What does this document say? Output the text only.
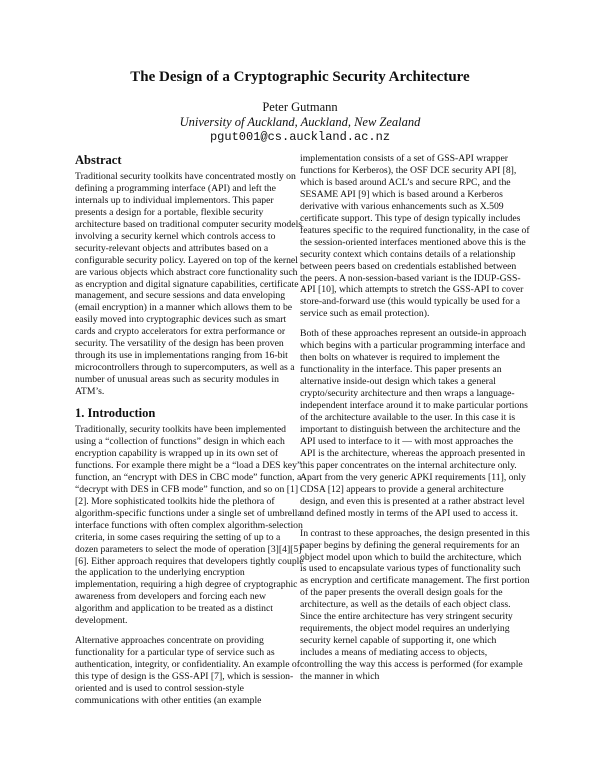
The Design of a Cryptographic Security Architecture
Peter Gutmann
University of Auckland, Auckland, New Zealand
pgut001@cs.auckland.ac.nz
Abstract

Traditional security toolkits have concentrated mostly on defining a programming interface (API) and left the internals up to individual implementors. This paper presents a design for a portable, flexible security architecture based on traditional computer security models involving a security kernel which controls access to security-relevant objects and attributes based on a configurable security policy. Layered on top of the kernel are various objects which abstract core functionality such as encryption and digital signature capabilities, certificate management, and secure sessions and data enveloping (email encryption) in a manner which allows them to be easily moved into cryptographic devices such as smart cards and crypto accelerators for extra performance or security. The versatility of the design has been proven through its use in implementations ranging from 16-bit microcontrollers through to supercomputers, as well as a number of unusual areas such as security modules in ATM’s.

1. Introduction

Traditionally, security toolkits have been implemented using a “collection of functions” design in which each encryption capability is wrapped up in its own set of functions. For example there might be a “load a DES key” function, an “encrypt with DES in CBC mode” function, a “decrypt with DES in CFB mode” function, and so on [1][2]. More sophisticated toolkits hide the plethora of algorithm-specific functions under a single set of umbrella interface functions with often complex algorithm-selection criteria, in some cases requiring the setting of up to a dozen parameters to select the mode of operation [3][4][5][6]. Either approach requires that developers tightly couple the application to the underlying encryption implementation, requiring a high degree of cryptographic awareness from developers and forcing each new algorithm and application to be treated as a distinct development.

Alternative approaches concentrate on providing functionality for a particular type of service such as authentication, integrity, or confidentiality. An example of this type of design is the GSS-API [7], which is session-oriented and is used to control session-style communications with other entities (an example

implementation consists of a set of GSS-API wrapper functions for Kerberos), the OSF DCE security API [8], which is based around ACL’s and secure RPC, and the SESAME API [9] which is based around a Kerberos derivative with various enhancements such as X.509 certificate support. This type of design typically includes features specific to the required functionality, in the case of the session-oriented interfaces mentioned above this is the security context which contains details of a relationship between peers based on credentials established between the peers. A non-session-based variant is the IDUP-GSS-API [10], which attempts to stretch the GSS-API to cover store-and-forward use (this would typically be used for a service such as email protection).

Both of these approaches represent an outside-in approach which begins with a particular programming interface and then bolts on whatever is required to implement the functionality in the interface. This paper presents an alternative inside-out design which takes a general crypto/security architecture and then wraps a language-independent interface around it to make particular portions of the architecture available to the user. In this case it is important to distinguish between the architecture and the API used to interface to it — with most approaches the API is the architecture, whereas the approach presented in this paper concentrates on the internal architecture only. Apart from the very generic APKI requirements [11], only CDSA [12] appears to provide a general architecture design, and even this is presented at a rather abstract level and defined mostly in terms of the API used to access it.

In contrast to these approaches, the design presented in this paper begins by defining the general requirements for an object model upon which to build the architecture, which is used to encapsulate various types of functionality such as encryption and certificate management. The first portion of the paper presents the overall design goals for the architecture, as well as the details of each object class. Since the entire architecture has very stringent security requirements, the object model requires an underlying security kernel capable of supporting it, one which includes a means of mediating access to objects, controlling the way this access is performed (for example the manner in which
